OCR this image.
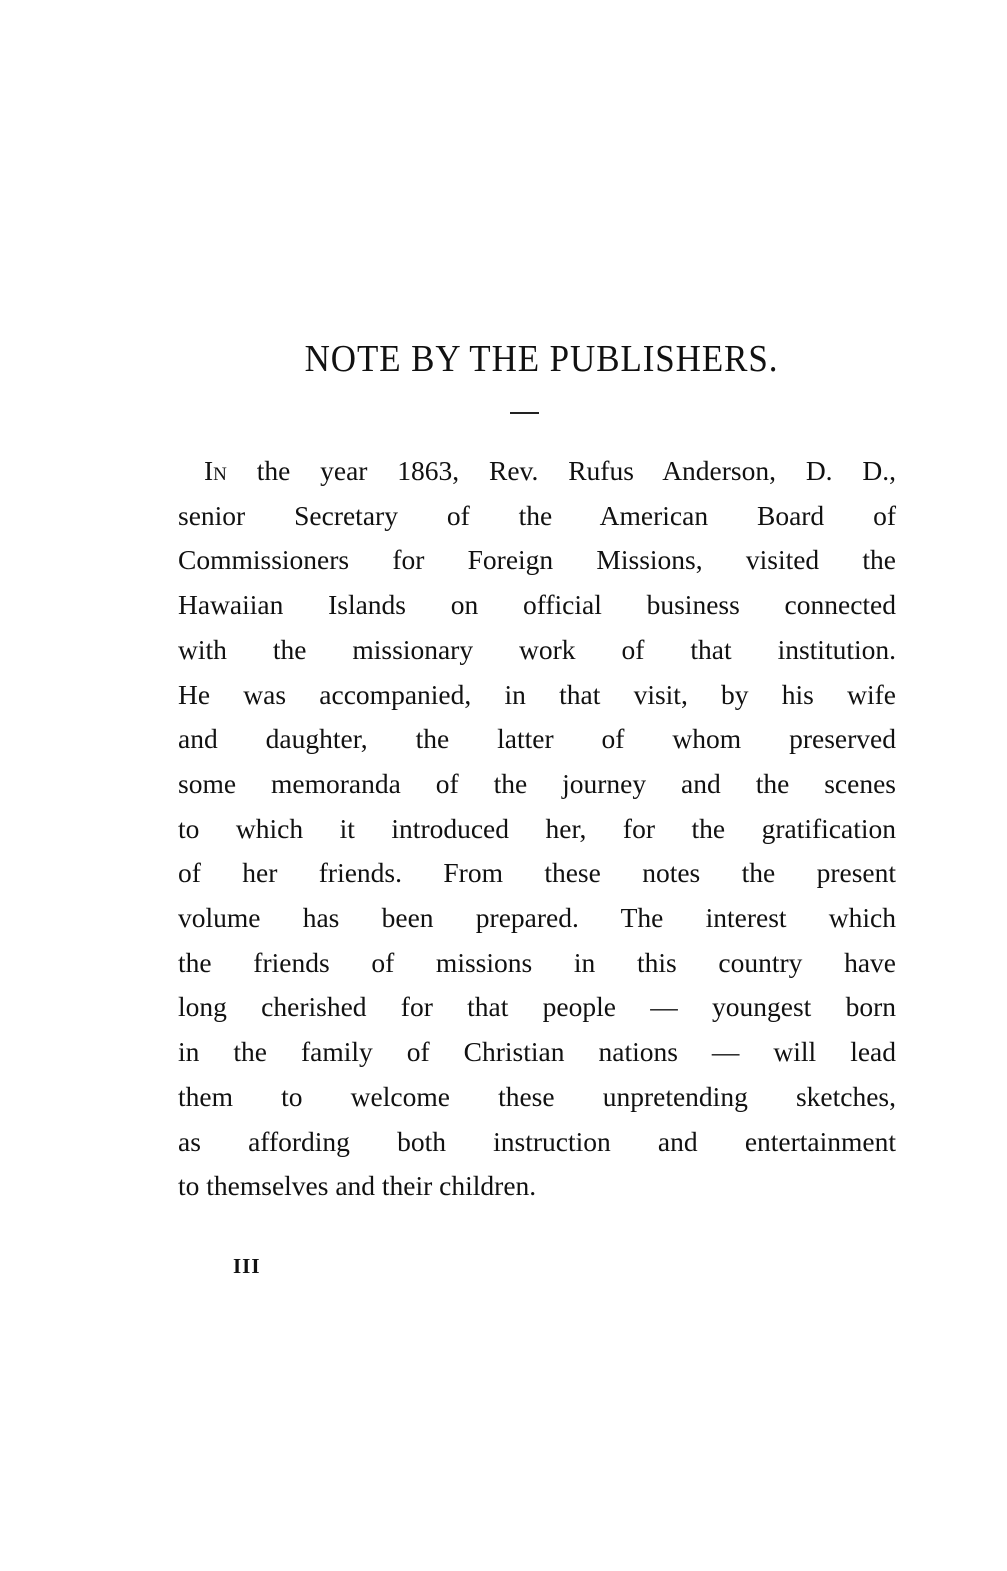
NOTE BY THE PUBLISHERS.
In the year 1863, Rev. Rufus Anderson, D. D.,
senior Secretary of the American Board of
Commissioners for Foreign Missions, visited the
Hawaiian Islands on official business connected
with the missionary work of that institution.
He was accompanied, in that visit, by his wife
and daughter, the latter of whom preserved
some memoranda of the journey and the scenes
to which it introduced her, for the gratification
of her friends. From these notes the present
volume has been prepared. The interest which
the friends of missions in this country have
long cherished for that people — youngest born
in the family of Christian nations — will lead
them to welcome these unpretending sketches,
as affording both instruction and entertainment
to themselves and their children.
III
